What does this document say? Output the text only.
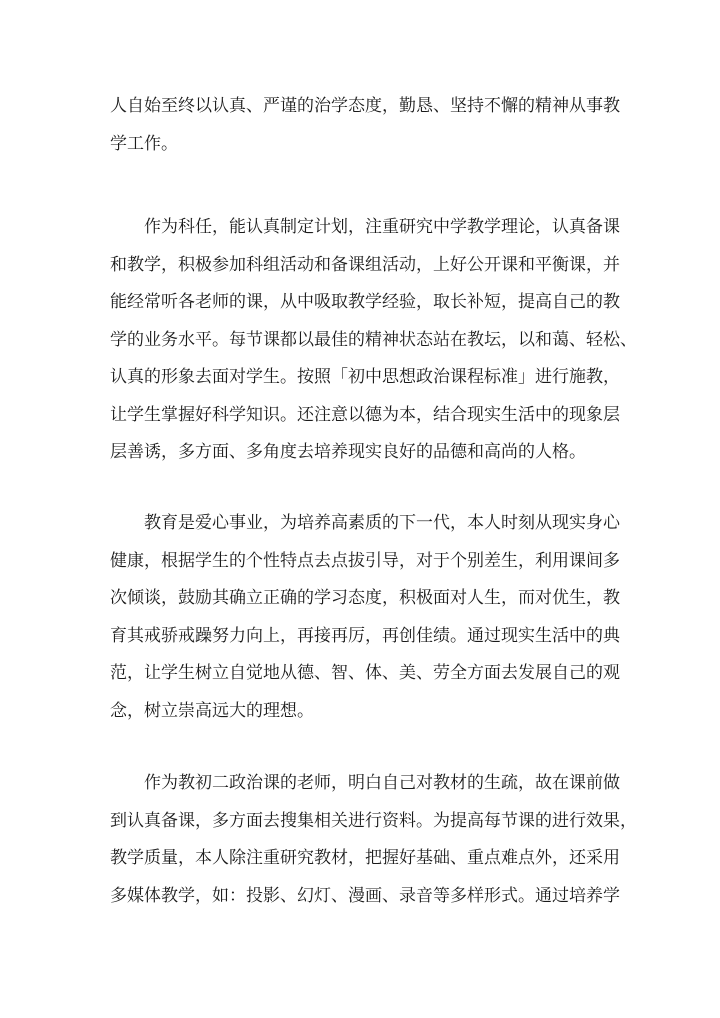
人自始至终以认真、严谨的治学态度，勤恳、坚持不懈的精神从事教
学工作。
作为科任，能认真制定计划，注重研究中学教学理论，认真备课
和教学，积极参加科组活动和备课组活动，上好公开课和平衡课，并
能经常听各老师的课，从中吸取教学经验，取长补短，提高自己的教
学的业务水平。每节课都以最佳的精神状态站在教坛，以和蔼、轻松、
认真的形象去面对学生。按照「初中思想政治课程标准」进行施教，
让学生掌握好科学知识。还注意以德为本，结合现实生活中的现象层
层善诱，多方面、多角度去培养现实良好的品德和高尚的人格。
教育是爱心事业，为培养高素质的下一代，本人时刻从现实身心
健康，根据学生的个性特点去点拔引导，对于个别差生，利用课间多
次倾谈，鼓励其确立正确的学习态度，积极面对人生，而对优生，教
育其戒骄戒躁努力向上，再接再厉，再创佳绩。通过现实生活中的典
范，让学生树立自觉地从德、智、体、美、劳全方面去发展自己的观
念，树立崇高远大的理想。
作为教初二政治课的老师，明白自己对教材的生疏，故在课前做
到认真备课，多方面去搜集相关进行资料。为提高每节课的进行效果，
教学质量，本人除注重研究教材，把握好基础、重点难点外，还采用
多媒体教学，如：投影、幻灯、漫画、录音等多样形式。通过培养学
